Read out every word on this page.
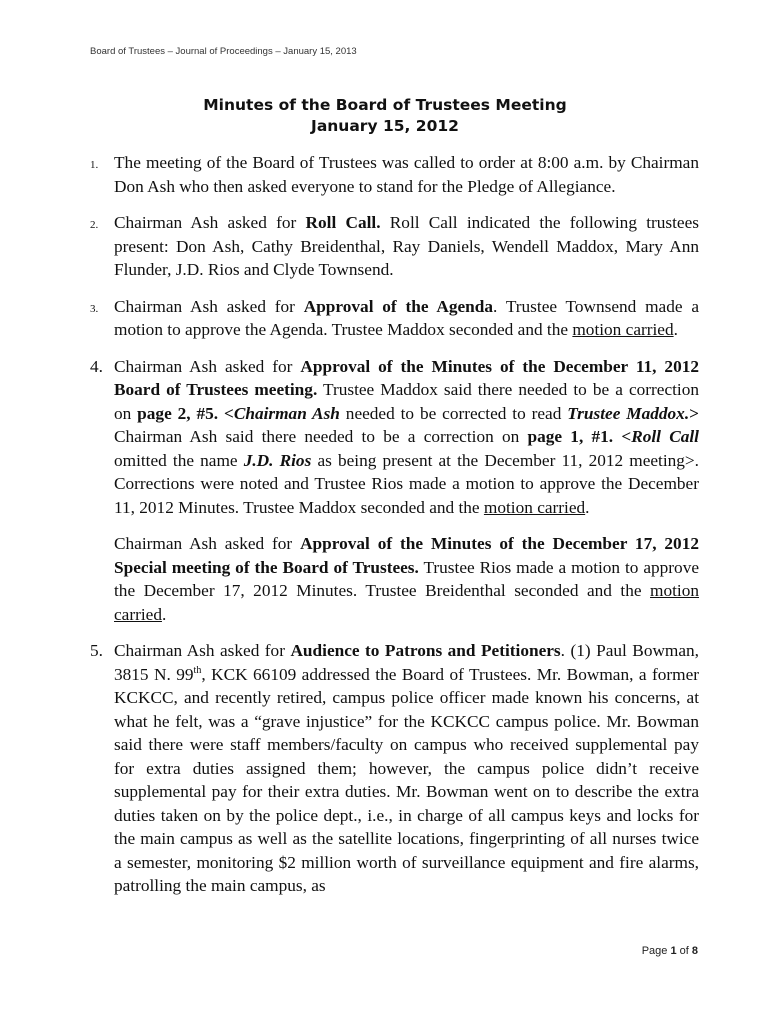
Board of Trustees – Journal of Proceedings – January 15, 2013
Minutes of the Board of Trustees Meeting
January 15, 2012
1. The meeting of the Board of Trustees was called to order at 8:00 a.m. by Chairman Don Ash who then asked everyone to stand for the Pledge of Allegiance.

2. Chairman Ash asked for Roll Call. Roll Call indicated the following trustees present: Don Ash, Cathy Breidenthal, Ray Daniels, Wendell Maddox, Mary Ann Flunder, J.D. Rios and Clyde Townsend.

3. Chairman Ash asked for Approval of the Agenda. Trustee Townsend made a motion to approve the Agenda. Trustee Maddox seconded and the motion carried.

4. Chairman Ash asked for Approval of the Minutes of the December 11, 2012 Board of Trustees meeting. Trustee Maddox said there needed to be a correction on page 2, #5. <Chairman Ash needed to be corrected to read Trustee Maddox.> Chairman Ash said there needed to be a correction on page 1, #1. <Roll Call omitted the name J.D. Rios as being present at the December 11, 2012 meeting>. Corrections were noted and Trustee Rios made a motion to approve the December 11, 2012 Minutes. Trustee Maddox seconded and the motion carried.

Chairman Ash asked for Approval of the Minutes of the December 17, 2012 Special meeting of the Board of Trustees. Trustee Rios made a motion to approve the December 17, 2012 Minutes. Trustee Breidenthal seconded and the motion carried.

5. Chairman Ash asked for Audience to Patrons and Petitioners. (1) Paul Bowman, 3815 N. 99th, KCK 66109 addressed the Board of Trustees. Mr. Bowman, a former KCKCC, and recently retired, campus police officer made known his concerns, at what he felt, was a “grave injustice” for the KCKCC campus police. Mr. Bowman said there were staff members/faculty on campus who received supplemental pay for extra duties assigned them; however, the campus police didn’t receive supplemental pay for their extra duties. Mr. Bowman went on to describe the extra duties taken on by the police dept., i.e., in charge of all campus keys and locks for the main campus as well as the satellite locations, fingerprinting of all nurses twice a semester, monitoring $2 million worth of surveillance equipment and fire alarms, patrolling the main campus, as

Page 1 of 8
